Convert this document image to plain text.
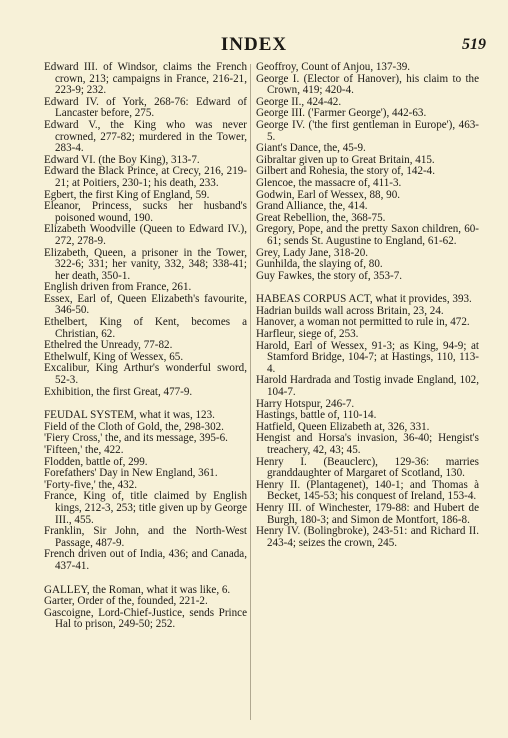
INDEX	519

Edward III. of Windsor, claims the French crown, 213; campaigns in France, 216-21, 223-9; 232.

Edward IV. of York, 268-76: Edward of Lancaster before, 275.

Edward V., the King who was never crowned, 277-82; murdered in the Tower, 283-4.

Edward VI. (the Boy King), 313-7.

Edward the Black Prince, at Crecy, 216, 219-21; at Poitiers, 230-1; his death, 233.

Egbert, the first King of England, 59.

Eleanor, Princess, sucks her husband's poisoned wound, 190.

Elizabeth Woodville (Queen to Edward IV.), 272, 278-9.

Elizabeth, Queen, a prisoner in the Tower, 322-6; 331; her vanity, 332, 348; 338-41; her death, 350-1.

English driven from France, 261.

Essex, Earl of, Queen Elizabeth's favourite, 346-50.

Ethelbert, King of Kent, becomes a Christian, 62.

Ethelred the Unready, 77-82.

Ethelwulf, King of Wessex, 65.

Excalibur, King Arthur's wonderful sword, 52-3.

Exhibition, the first Great, 477-9.

FEUDAL SYSTEM, what it was, 123.

Field of the Cloth of Gold, the, 298-302.

'Fiery Cross,' the, and its message, 395-6.

'Fifteen,' the, 422.

Flodden, battle of, 299.

Forefathers' Day in New England, 361.

'Forty-five,' the, 432.

France, King of, title claimed by English kings, 212-3, 253; title given up by George III., 455.

Franklin, Sir John, and the North-West Passage, 487-9.

French driven out of India, 436; and Canada, 437-41.

GALLEY, the Roman, what it was like, 6.

Garter, Order of the, founded, 221-2.

Gascoigne, Lord-Chief-Justice, sends Prince Hal to prison, 249-50; 252.

Geoffroy, Count of Anjou, 137-39.

George I. (Elector of Hanover), his claim to the Crown, 419; 420-4.

George II., 424-42.

George III. ('Farmer George'), 442-63.

George IV. ('the first gentleman in Europe'), 463-5.

Giant's Dance, the, 45-9.

Gibraltar given up to Great Britain, 415.

Gilbert and Rohesia, the story of, 142-4.

Glencoe, the massacre of, 411-3.

Godwin, Earl of Wessex, 88, 90.

Grand Alliance, the, 414.

Great Rebellion, the, 368-75.

Gregory, Pope, and the pretty Saxon children, 60-61; sends St. Augustine to England, 61-62.

Grey, Lady Jane, 318-20.

Gunhilda, the slaying of, 80.

Guy Fawkes, the story of, 353-7.

HABEAS CORPUS ACT, what it provides, 393.

Hadrian builds wall across Britain, 23, 24.

Hanover, a woman not permitted to rule in, 472.

Harfleur, siege of, 253.

Harold, Earl of Wessex, 91-3; as King, 94-9; at Stamford Bridge, 104-7; at Hastings, 110, 113-4.

Harold Hardrada and Tostig invade England, 102, 104-7.

Harry Hotspur, 246-7.

Hastings, battle of, 110-14.

Hatfield, Queen Elizabeth at, 326, 331.

Hengist and Horsa's invasion, 36-40; Hengist's treachery, 42, 43; 45.

Henry I. (Beauclerc), 129-36: marries granddaughter of Margaret of Scotland, 130.

Henry II. (Plantagenet), 140-1; and Thomas à Becket, 145-53; his conquest of Ireland, 153-4.

Henry III. of Winchester, 179-88: and Hubert de Burgh, 180-3; and Simon de Montfort, 186-8.

Henry IV. (Bolingbroke), 243-51: and Richard II. 243-4; seizes the crown, 245.
